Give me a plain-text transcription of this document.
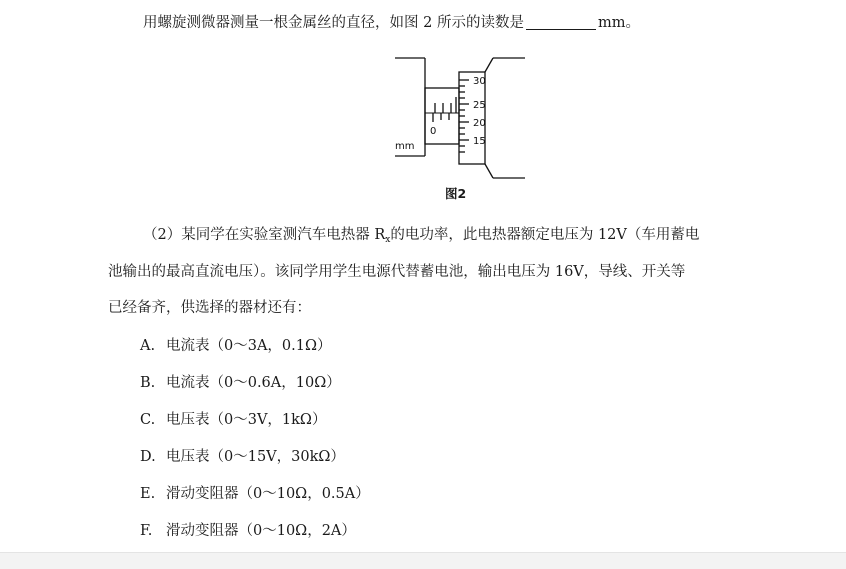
用螺旋测微器测量一根金属丝的直径，如图 2 所示的读数是	mm。
mm
0
30
25
20
15
图2
（2）某同学在实验室测汽车电热器 $R_x$的电功率，此电热器额定电压为 12V（车用蓄电
池输出的最高直流电压）。该同学用学生电源代替蓄电池，输出电压为 16V，导线、开关等
已经备齐，供选择的器材还有：
A. 电流表（0～3A，0.1Ω）
B. 电流表（0～0.6A，10Ω）
C. 电压表（0～3V，1kΩ）
D. 电压表（0～15V，30kΩ）
E. 滑动变阻器（0～10Ω，0.5A）
F. 滑动变阻器（0～10Ω，2A）
